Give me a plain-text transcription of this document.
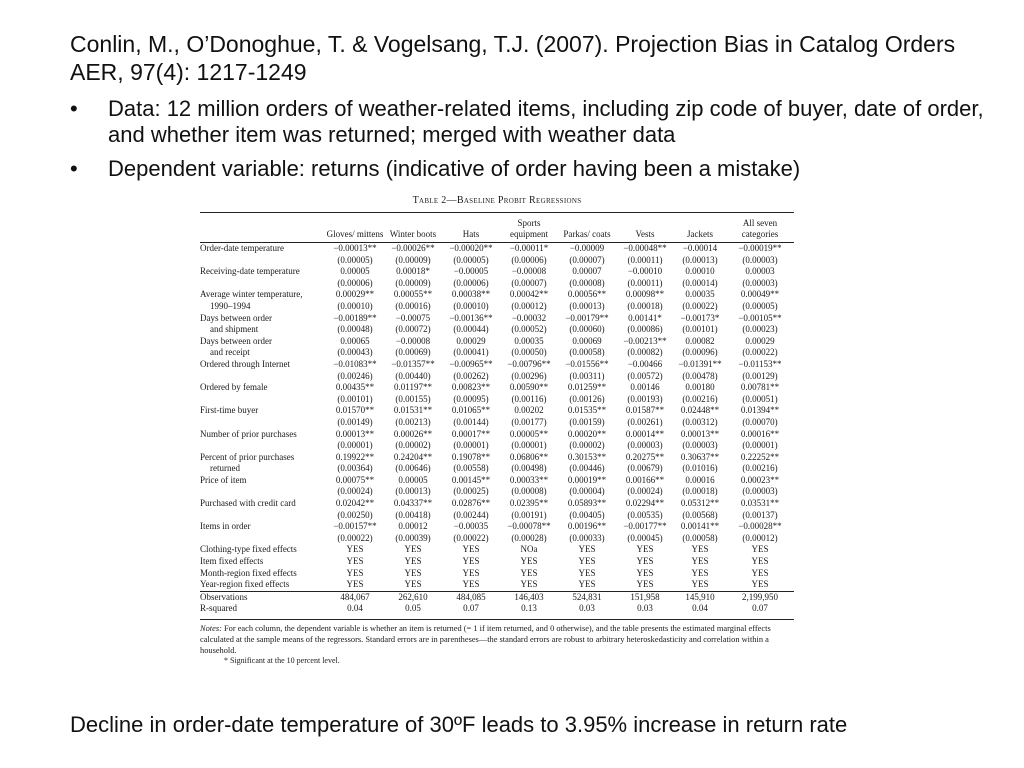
Conlin, M., O’Donoghue, T. & Vogelsang, T.J. (2007). Projection Bias in Catalog Orders AER, 97(4): 1217-1249
• Data: 12 million orders of weather-related items, including zip code of buyer, date of order, and whether item was returned; merged with weather data
• Dependent variable: returns (indicative of order having been a mistake)
Table 2—Baseline Probit Regressions
	Gloves/ mittens	Winter boots	Hats	Sports equipment	Parkas/ coats	Vests	Jackets	All seven categories
Order-date temperature	−0.00013**	−0.00026**	−0.00020**	−0.00011*	−0.00009	−0.00048**	−0.00014	−0.00019**
	(0.00005)	(0.00009)	(0.00005)	(0.00006)	(0.00007)	(0.00011)	(0.00013)	(0.00003)
Receiving-date temperature	0.00005	0.00018*	−0.00005	−0.00008	0.00007	−0.00010	0.00010	0.00003
	(0.00006)	(0.00009)	(0.00006)	(0.00007)	(0.00008)	(0.00011)	(0.00014)	(0.00003)
Average winter temperature,	0.00029**	0.00055**	0.00038**	0.00042**	0.00056**	0.00098**	0.00035	0.00049**
1990–1994	(0.00010)	(0.00016)	(0.00010)	(0.00012)	(0.00013)	(0.00018)	(0.00022)	(0.00005)
Days between order	−0.00189**	−0.00075	−0.00136**	−0.00032	−0.00179**	0.00141*	−0.00173*	−0.00105**
and shipment	(0.00048)	(0.00072)	(0.00044)	(0.00052)	(0.00060)	(0.00086)	(0.00101)	(0.00023)
Days between order	0.00065	−0.00008	0.00029	0.00035	0.00069	−0.00213**	0.00082	0.00029
and receipt	(0.00043)	(0.00069)	(0.00041)	(0.00050)	(0.00058)	(0.00082)	(0.00096)	(0.00022)
Ordered through Internet	−0.01083**	−0.01357**	−0.00965**	−0.00796**	−0.01556**	−0.00466	−0.01391**	−0.01153**
	(0.00246)	(0.00440)	(0.00262)	(0.00296)	(0.00311)	(0.00572)	(0.00478)	(0.00129)
Ordered by female	0.00435**	0.01197**	0.00823**	0.00590**	0.01259**	0.00146	0.00180	0.00781**
	(0.00101)	(0.00155)	(0.00095)	(0.00116)	(0.00126)	(0.00193)	(0.00216)	(0.00051)
First-time buyer	0.01570**	0.01531**	0.01065**	0.00202	0.01535**	0.01587**	0.02448**	0.01394**
	(0.00149)	(0.00213)	(0.00144)	(0.00177)	(0.00159)	(0.00261)	(0.00312)	(0.00070)
Number of prior purchases	0.00013**	0.00026**	0.00017**	0.00005**	0.00020**	0.00014**	0.00013**	0.00016**
	(0.00001)	(0.00002)	(0.00001)	(0.00001)	(0.00002)	(0.00003)	(0.00003)	(0.00001)
Percent of prior purchases	0.19922**	0.24204**	0.19078**	0.06806**	0.30153**	0.20275**	0.30637**	0.22252**
returned	(0.00364)	(0.00646)	(0.00558)	(0.00498)	(0.00446)	(0.00679)	(0.01016)	(0.00216)
Price of item	0.00075**	0.00005	0.00145**	0.00033**	0.00019**	0.00166**	0.00016	0.00023**
	(0.00024)	(0.00013)	(0.00025)	(0.00008)	(0.00004)	(0.00024)	(0.00018)	(0.00003)
Purchased with credit card	0.02042**	0.04337**	0.02876**	0.02395**	0.05893**	0.02294**	0.05312**	0.03531**
	(0.00250)	(0.00418)	(0.00244)	(0.00191)	(0.00405)	(0.00535)	(0.00568)	(0.00137)
Items in order	−0.00157**	0.00012	−0.00035	−0.00078**	0.00196**	−0.00177**	0.00141**	−0.00028**
	(0.00022)	(0.00039)	(0.00022)	(0.00028)	(0.00033)	(0.00045)	(0.00058)	(0.00012)
Clothing-type fixed effects	YES	YES	YES	NOa	YES	YES	YES	YES
Item fixed effects	YES	YES	YES	YES	YES	YES	YES	YES
Month-region fixed effects	YES	YES	YES	YES	YES	YES	YES	YES
Year-region fixed effects	YES	YES	YES	YES	YES	YES	YES	YES
Observations	484,067	262,610	484,085	146,403	524,831	151,958	145,910	2,199,950
R-squared	0.04	0.05	0.07	0.13	0.03	0.03	0.04	0.07
Notes: For each column, the dependent variable is whether an item is returned (= 1 if item returned, and 0 otherwise), and the table presents the estimated marginal effects calculated at the sample means of the regressors. Standard errors are in parentheses—the standard errors are robust to arbitrary heteroskedasticity and correlation within a household.
* Significant at the 10 percent level.

Decline in order-date temperature of 30ºF leads to 3.95% increase in return rate
